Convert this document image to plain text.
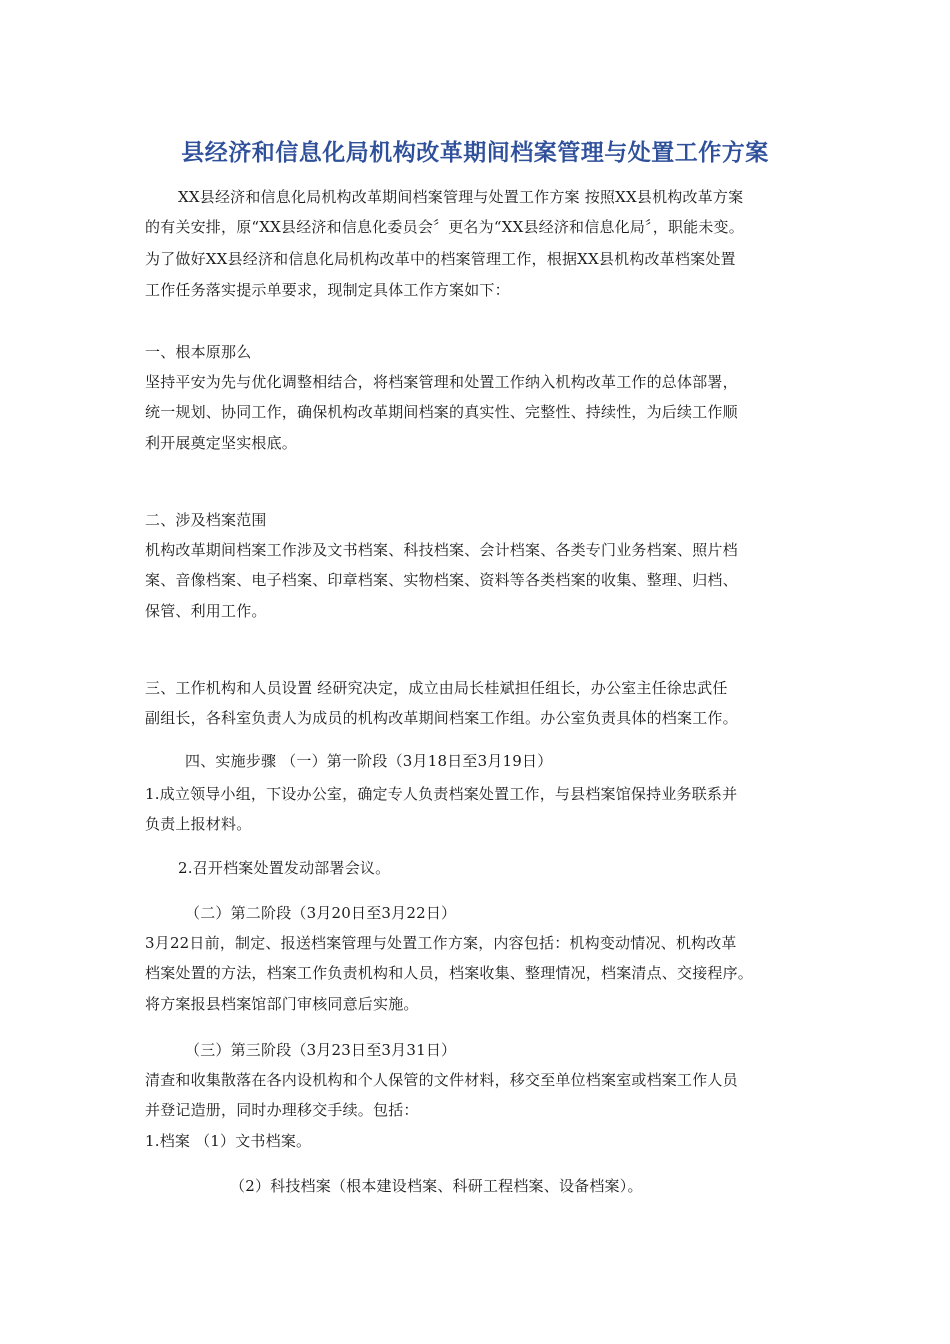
县经济和信息化局机构改革期间档案管理与处置工作方案
XX县经济和信息化局机构改革期间档案管理与处置工作方案 按照XX县机构改革方案
的有关安排，原“XX县经济和信息化委员会〞更名为“XX县经济和信息化局〞，职能未变。
为了做好XX县经济和信息化局机构改革中的档案管理工作，根据XX县机构改革档案处置
工作任务落实提示单要求，现制定具体工作方案如下：
一、根本原那么
坚持平安为先与优化调整相结合，将档案管理和处置工作纳入机构改革工作的总体部署，
统一规划、协同工作，确保机构改革期间档案的真实性、完整性、持续性，为后续工作顺
利开展奠定坚实根底。
二、涉及档案范围
机构改革期间档案工作涉及文书档案、科技档案、会计档案、各类专门业务档案、照片档
案、音像档案、电子档案、印章档案、实物档案、资料等各类档案的收集、整理、归档、
保管、利用工作。
三、工作机构和人员设置 经研究决定，成立由局长桂斌担任组长，办公室主任徐忠武任
副组长，各科室负责人为成员的机构改革期间档案工作组。办公室负责具体的档案工作。
四、实施步骤 （一）第一阶段（3月18日至3月19日）
1.成立领导小组，下设办公室，确定专人负责档案处置工作，与县档案馆保持业务联系并
负责上报材料。
2.召开档案处置发动部署会议。
（二）第二阶段（3月20日至3月22日）
3月22日前，制定、报送档案管理与处置工作方案，内容包括：机构变动情况、机构改革
档案处置的方法，档案工作负责机构和人员，档案收集、整理情况，档案清点、交接程序。
将方案报县档案馆部门审核同意后实施。
（三）第三阶段（3月23日至3月31日）
清查和收集散落在各内设机构和个人保管的文件材料，移交至单位档案室或档案工作人员
并登记造册，同时办理移交手续。包括：
1.档案 （1）文书档案。
（2）科技档案（根本建设档案、科研工程档案、设备档案）。
